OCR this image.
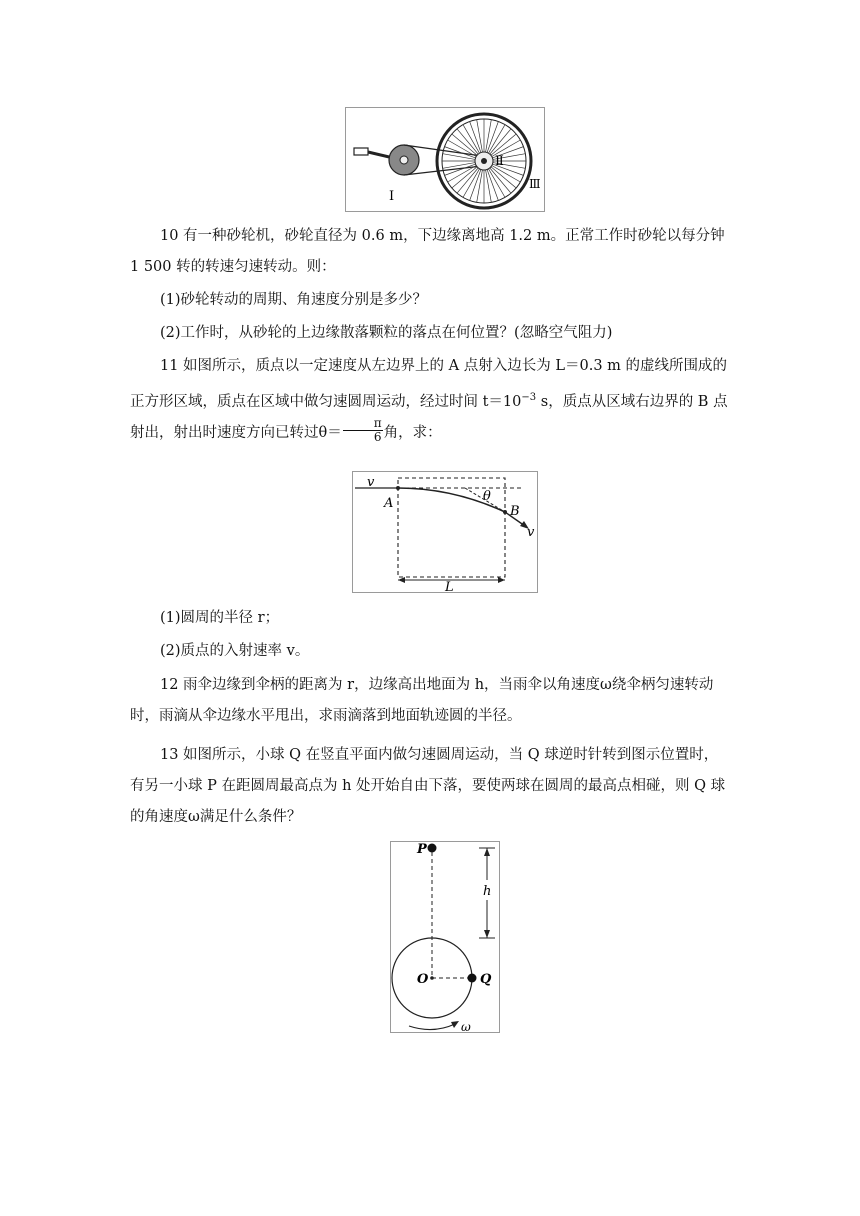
Ⅰ
Ⅱ
Ⅲ

10 有一种砂轮机，砂轮直径为 0.6 m，下边缘离地高 1.2 m。正常工作时砂轮以每分钟 1 500 转的转速匀速转动。则：

(1)砂轮转动的周期、角速度分别是多少？

(2)工作时，从砂轮的上边缘散落颗粒的落点在何位置？(忽略空气阻力)

11 如图所示，质点以一定速度从左边界上的 A 点射入边长为 L＝0.3 m 的虚线所围成的正方形区域，质点在区域中做匀速圆周运动，经过时间 $t=10^{-3}$ s，质点从区域右边界的 B 点射出，射出时速度方向已转过$\theta= \frac{\pi}{6}$ 角，求：

v
A	θ
B
v
L

(1)圆周的半径 r；

(2)质点的入射速率 v。

12 雨伞边缘到伞柄的距离为 r，边缘高出地面为 h，当雨伞以角速度ω绕伞柄匀速转动时，雨滴从伞边缘水平甩出，求雨滴落到地面轨迹圆的半径。

13 如图所示，小球 Q 在竖直平面内做匀速圆周运动，当 Q 球逆时针转到图示位置时，有另一小球 P 在距圆周最高点为 h 处开始自由下落，要使两球在圆周的最高点相碰，则 Q 球的角速度ω满足什么条件？

P
h
O	Q
ω
